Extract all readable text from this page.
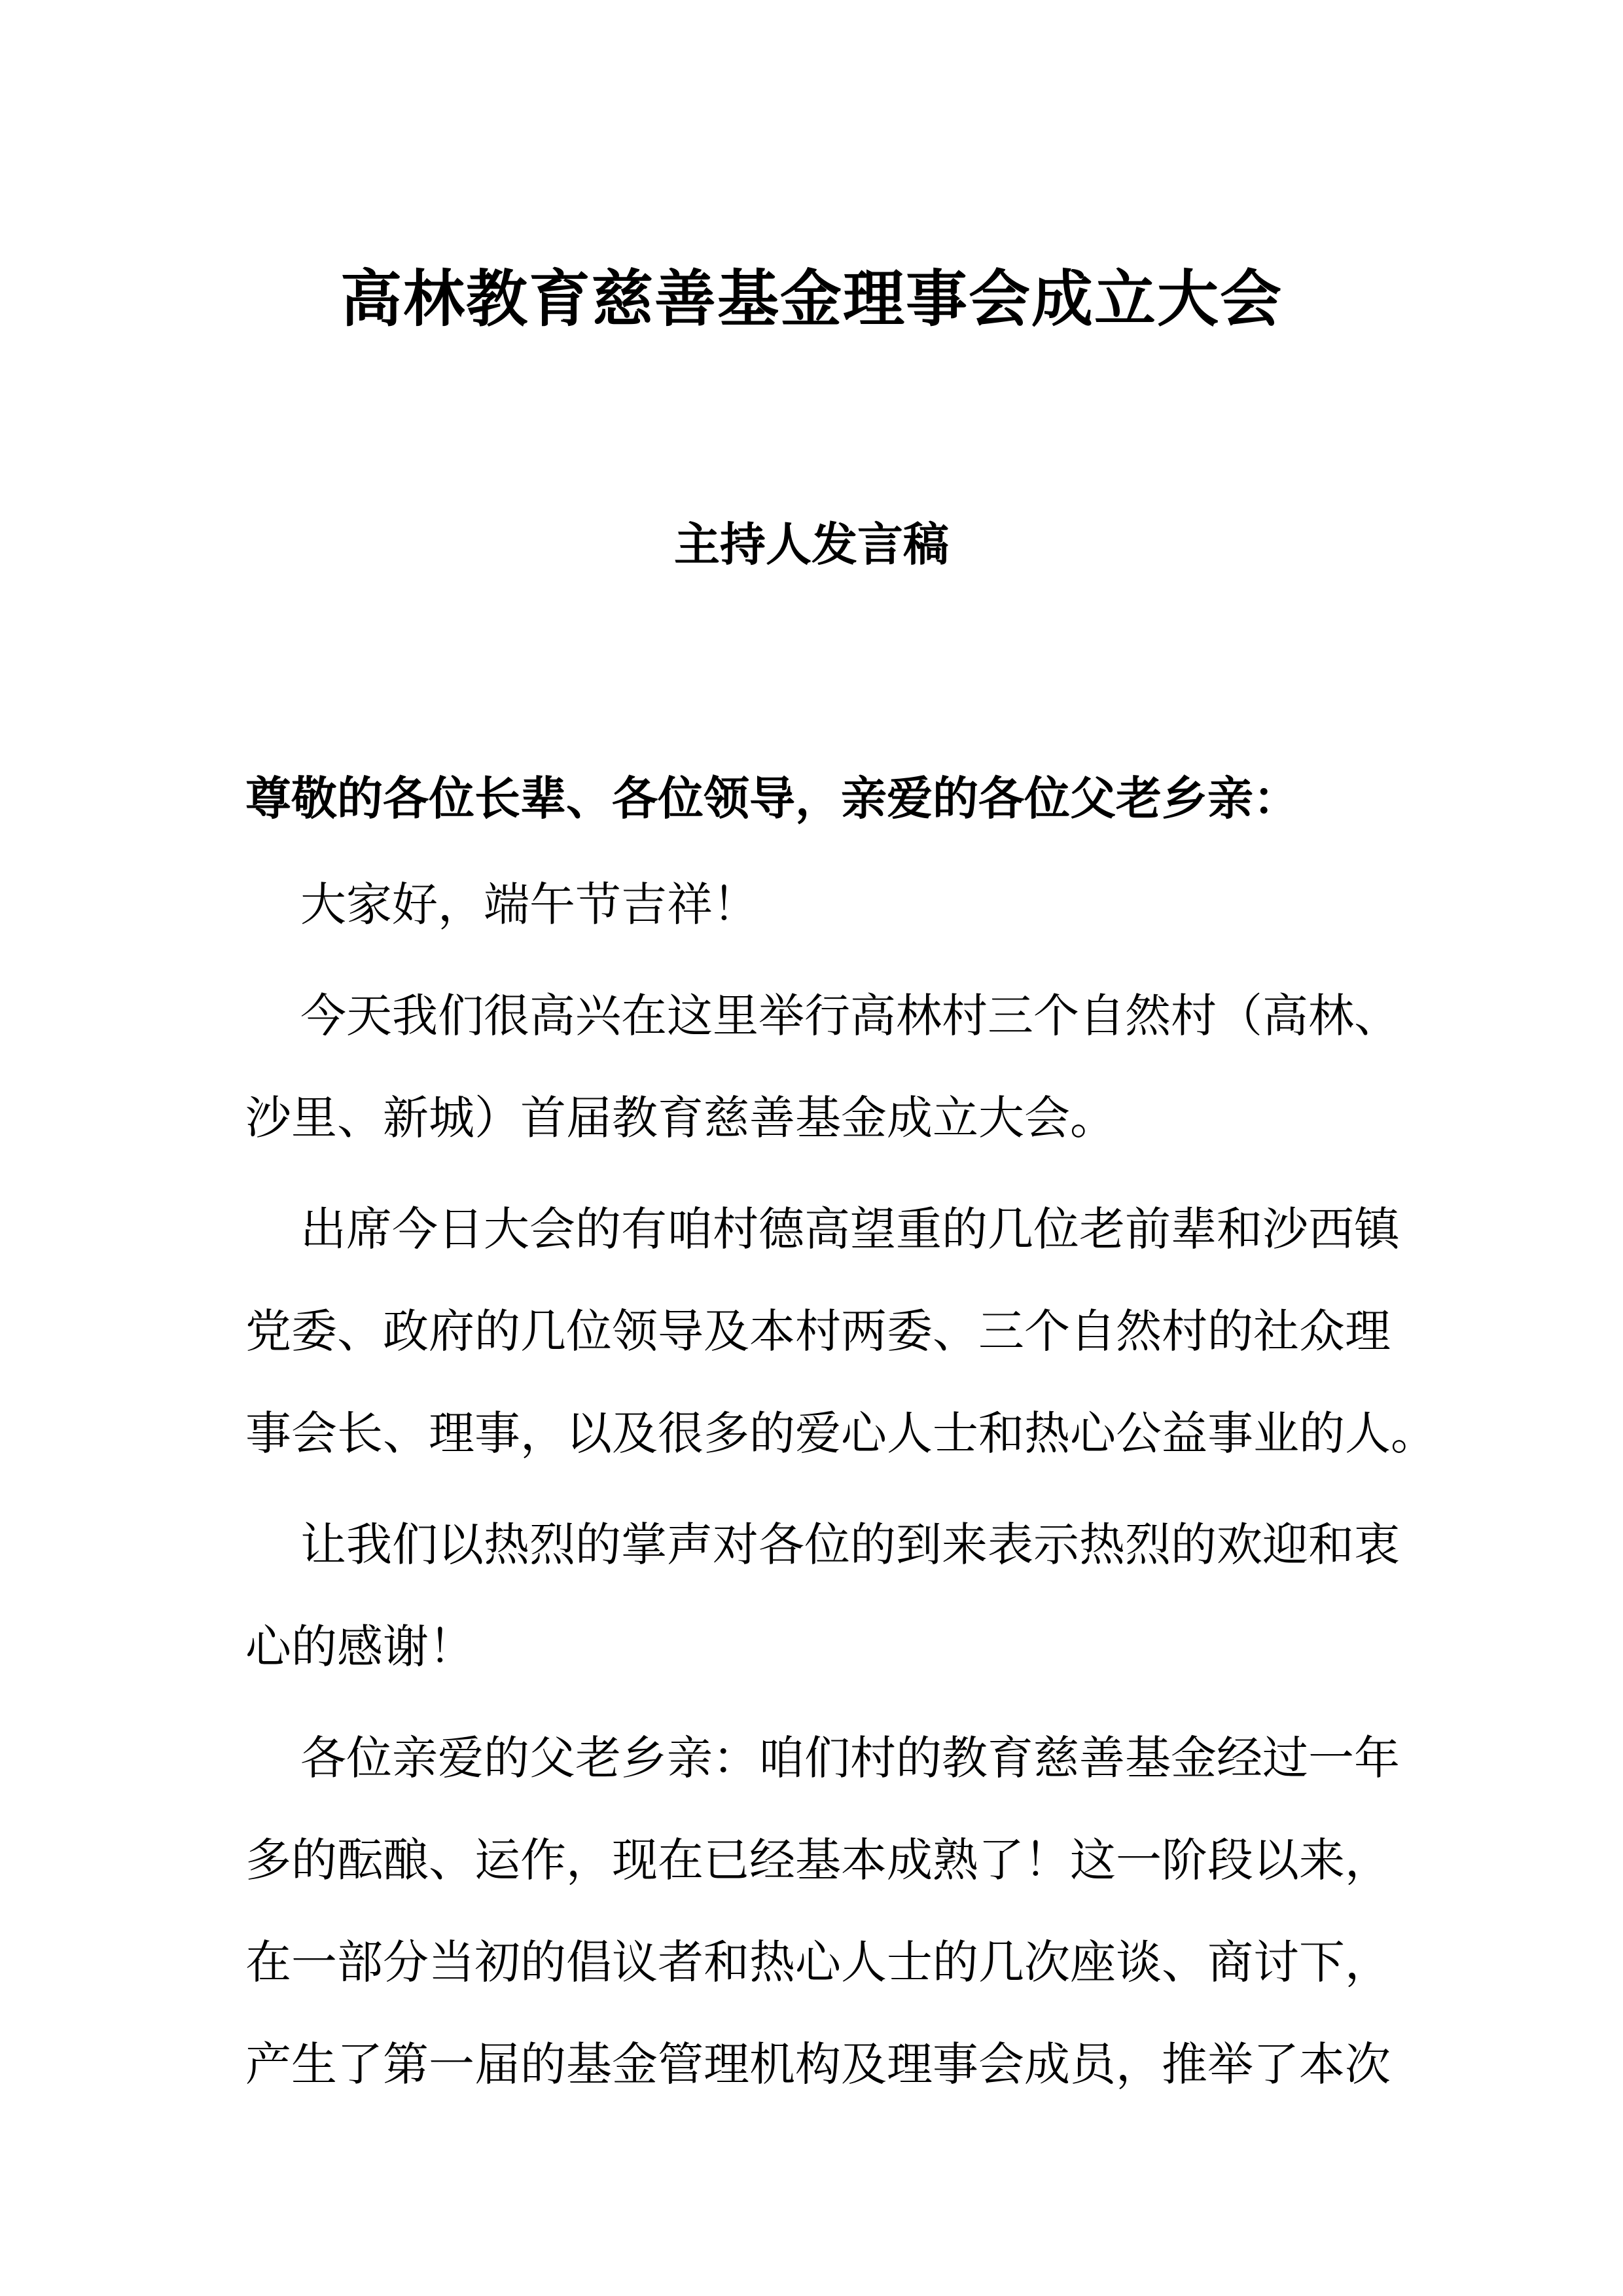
高林教育慈善基金理事会成立大会
主持人发言稿

尊敬的各位长辈、各位领导，亲爱的各位父老乡亲：

大家好，端午节吉祥！

今天我们很高兴在这里举行高林村三个自然村（高林、
沙里、新城）首届教育慈善基金成立大会。

出席今日大会的有咱村德高望重的几位老前辈和沙西镇
党委、政府的几位领导及本村两委、三个自然村的社众理
事会长、理事，以及很多的爱心人士和热心公益事业的人。

让我们以热烈的掌声对各位的到来表示热烈的欢迎和衷
心的感谢！

各位亲爱的父老乡亲：咱们村的教育慈善基金经过一年
多的酝酿、运作，现在已经基本成熟了！这一阶段以来，
在一部分当初的倡议者和热心人士的几次座谈、商讨下，
产生了第一届的基金管理机构及理事会成员，推举了本次
